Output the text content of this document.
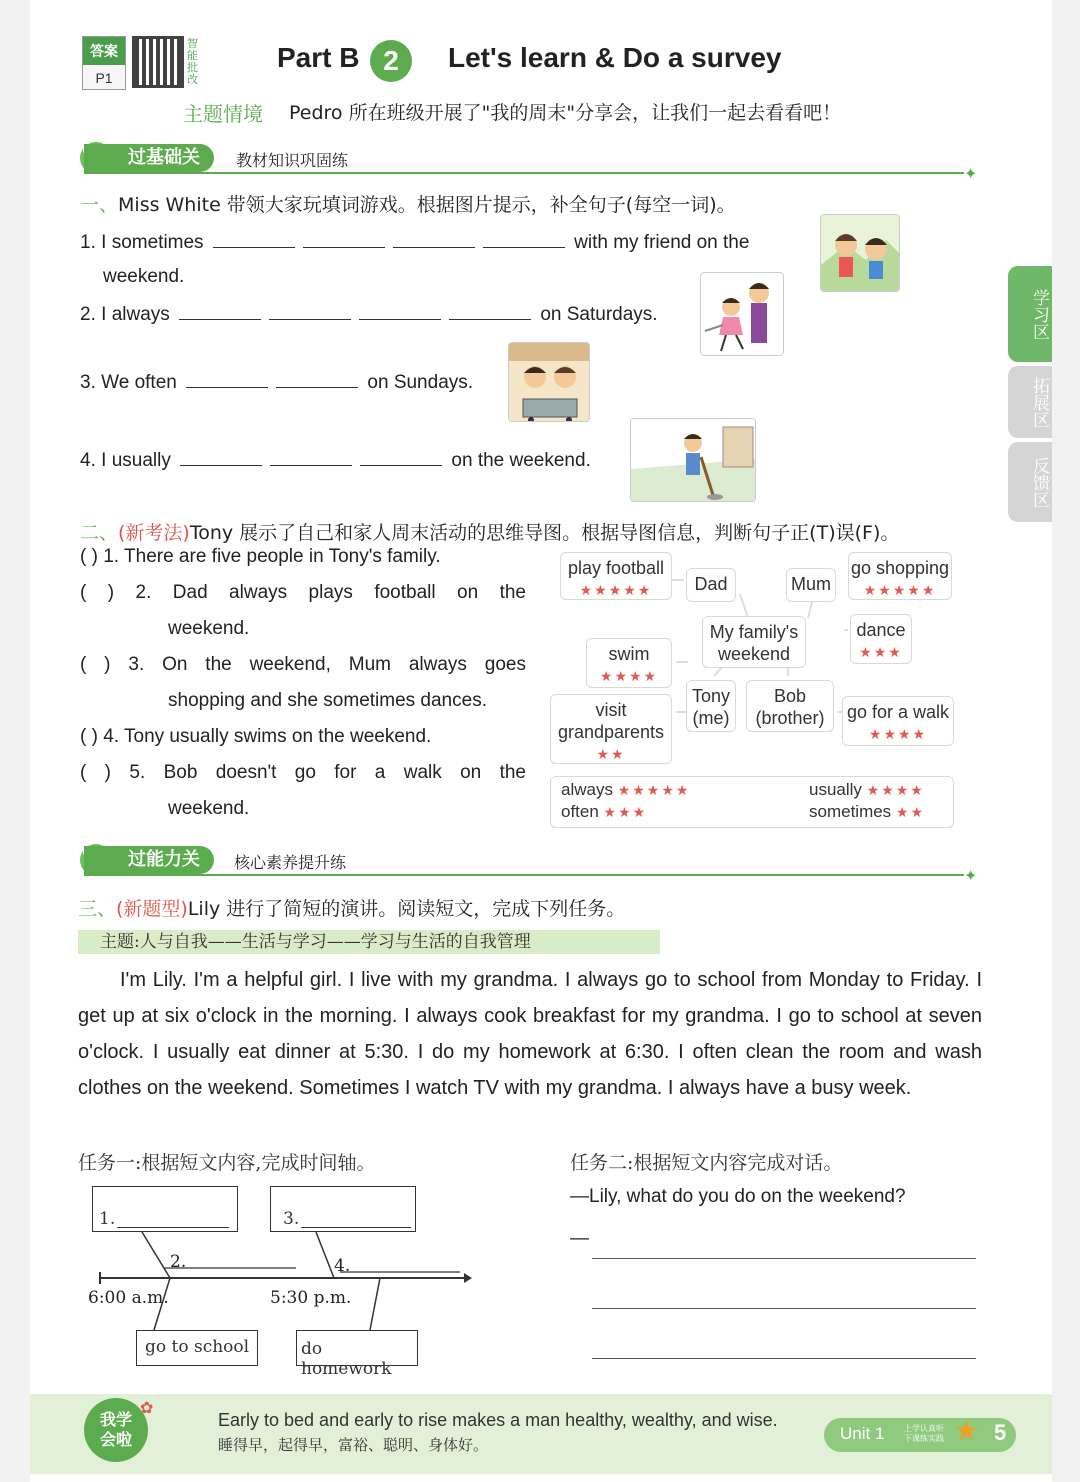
答案
P1
智能批改
Part B 2	Let's learn & Do a survey
主题情境 Pedro 所在班级开展了"我的周末"分享会，让我们一起去看看吧！
过基础关	教材知识巩固练
✦
一、Miss White 带领大家玩填词游戏。根据图片提示，补全句子(每空一词)。
1. I sometimes	with my friend on the
weekend.
2. I always	on Saturdays.
3. We often	on Sundays.
4. I usually	on the weekend.
二、(新考法)Tony 展示了自己和家人周末活动的思维导图。根据导图信息，判断句子正(T)误(F)。
( ) 1. There are five people in Tony's family.
( ) 2. Dad always plays football on the
weekend.
( ) 3. On the weekend, Mum always goes
shopping and she sometimes dances.
( ) 4. Tony usually swims on the weekend.
( ) 5. Bob doesn't go for a walk on the
weekend.
play football
★★★★★	Dad	Mum
go shopping
★★★★★
My family's weekend
dance
★★★
swim
★★★★
Tony (me)
Bob (brother)
visit grandparents
★★
go for a walk
★★★★
always ★★★★★
often ★★★
usually ★★★★
sometimes ★★
过能力关	核心素养提升练
✦
三、(新题型)Lily 进行了简短的演讲。阅读短文，完成下列任务。
主题:人与自我——生活与学习——学习与生活的自我管理
I'm Lily. I'm a helpful girl. I live with my grandma. I always go to school from Monday to Friday. I get up at six o'clock in the morning. I always cook breakfast for my grandma. I go to school at seven o'clock. I usually eat dinner at 5:30. I do my homework at 6:30. I often clean the room and wash clothes on the weekend. Sometimes I watch TV with my grandma. I always have a busy week.
任务一:根据短文内容,完成时间轴。	任务二:根据短文内容完成对话。
1.	3.
2.	4.
6:00 a.m.	5:30 p.m.
go to school	do homework
—Lily, what do you do on the weekend?
—
我学会啦
✿
Early to bed and early to rise makes a man healthy, wealthy, and wise.
睡得早，起得早，富裕、聪明、身体好。
Unit 1 上学认真听 下课练实践 ★ 5
学习区
拓展区
反馈区
